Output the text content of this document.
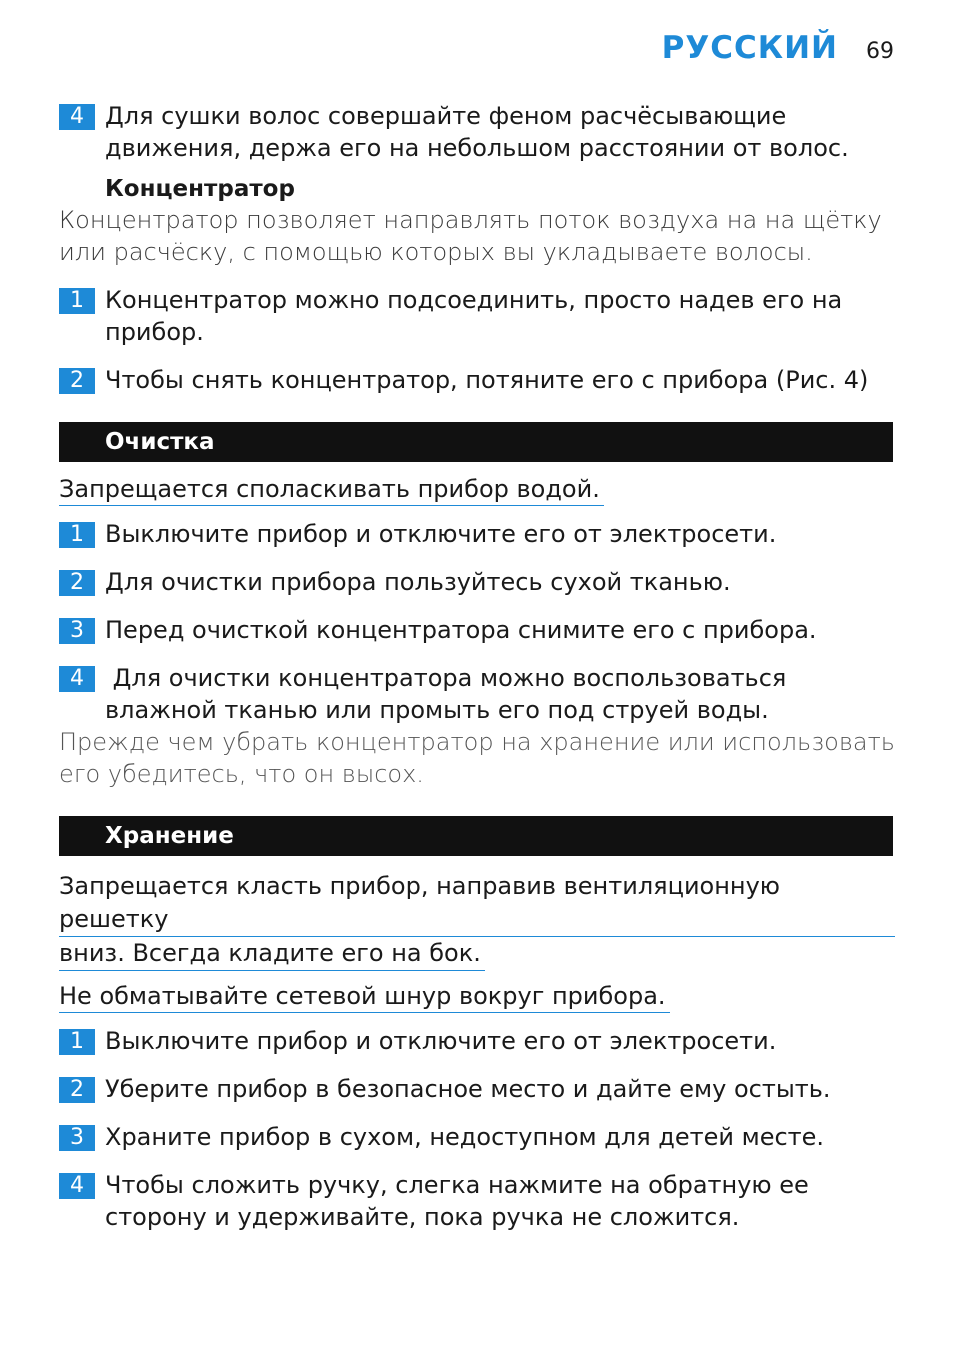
РУССКИЙ 69
4 Для сушки волос совершайте феном расчёсывающие движения, держа его на небольшом расстоянии от волос.
Концентратор
Концентратор позволяет направлять поток воздуха на на щётку или расчёску, с помощью которых вы укладываете волосы.
1 Концентратор можно подсоединить, просто надев его на прибор.
2 Чтобы снять концентратор, потяните его с прибора (Рис. 4)
Очистка
Запрещается споласкивать прибор водой.
1 Выключите прибор и отключите его от электросети.
2 Для очистки прибора пользуйтесь сухой тканью.
3 Перед очисткой концентратора снимите его с прибора.
4 Для очистки концентратора можно воспользоваться влажной тканью или промыть его под струей воды.
Прежде чем убрать концентратор на хранение или использовать его убедитесь, что он высох.
Хранение
Запрещается класть прибор, направив вентиляционную решетку
вниз. Всегда кладите его на бок.
Не обматывайте сетевой шнур вокруг прибора.
1 Выключите прибор и отключите его от электросети.
2 Уберите прибор в безопасное место и дайте ему остыть.
3 Храните прибор в сухом, недоступном для детей месте.
4 Чтобы сложить ручку, слегка нажмите на обратную ее сторону и удерживайте, пока ручка не сложится.
